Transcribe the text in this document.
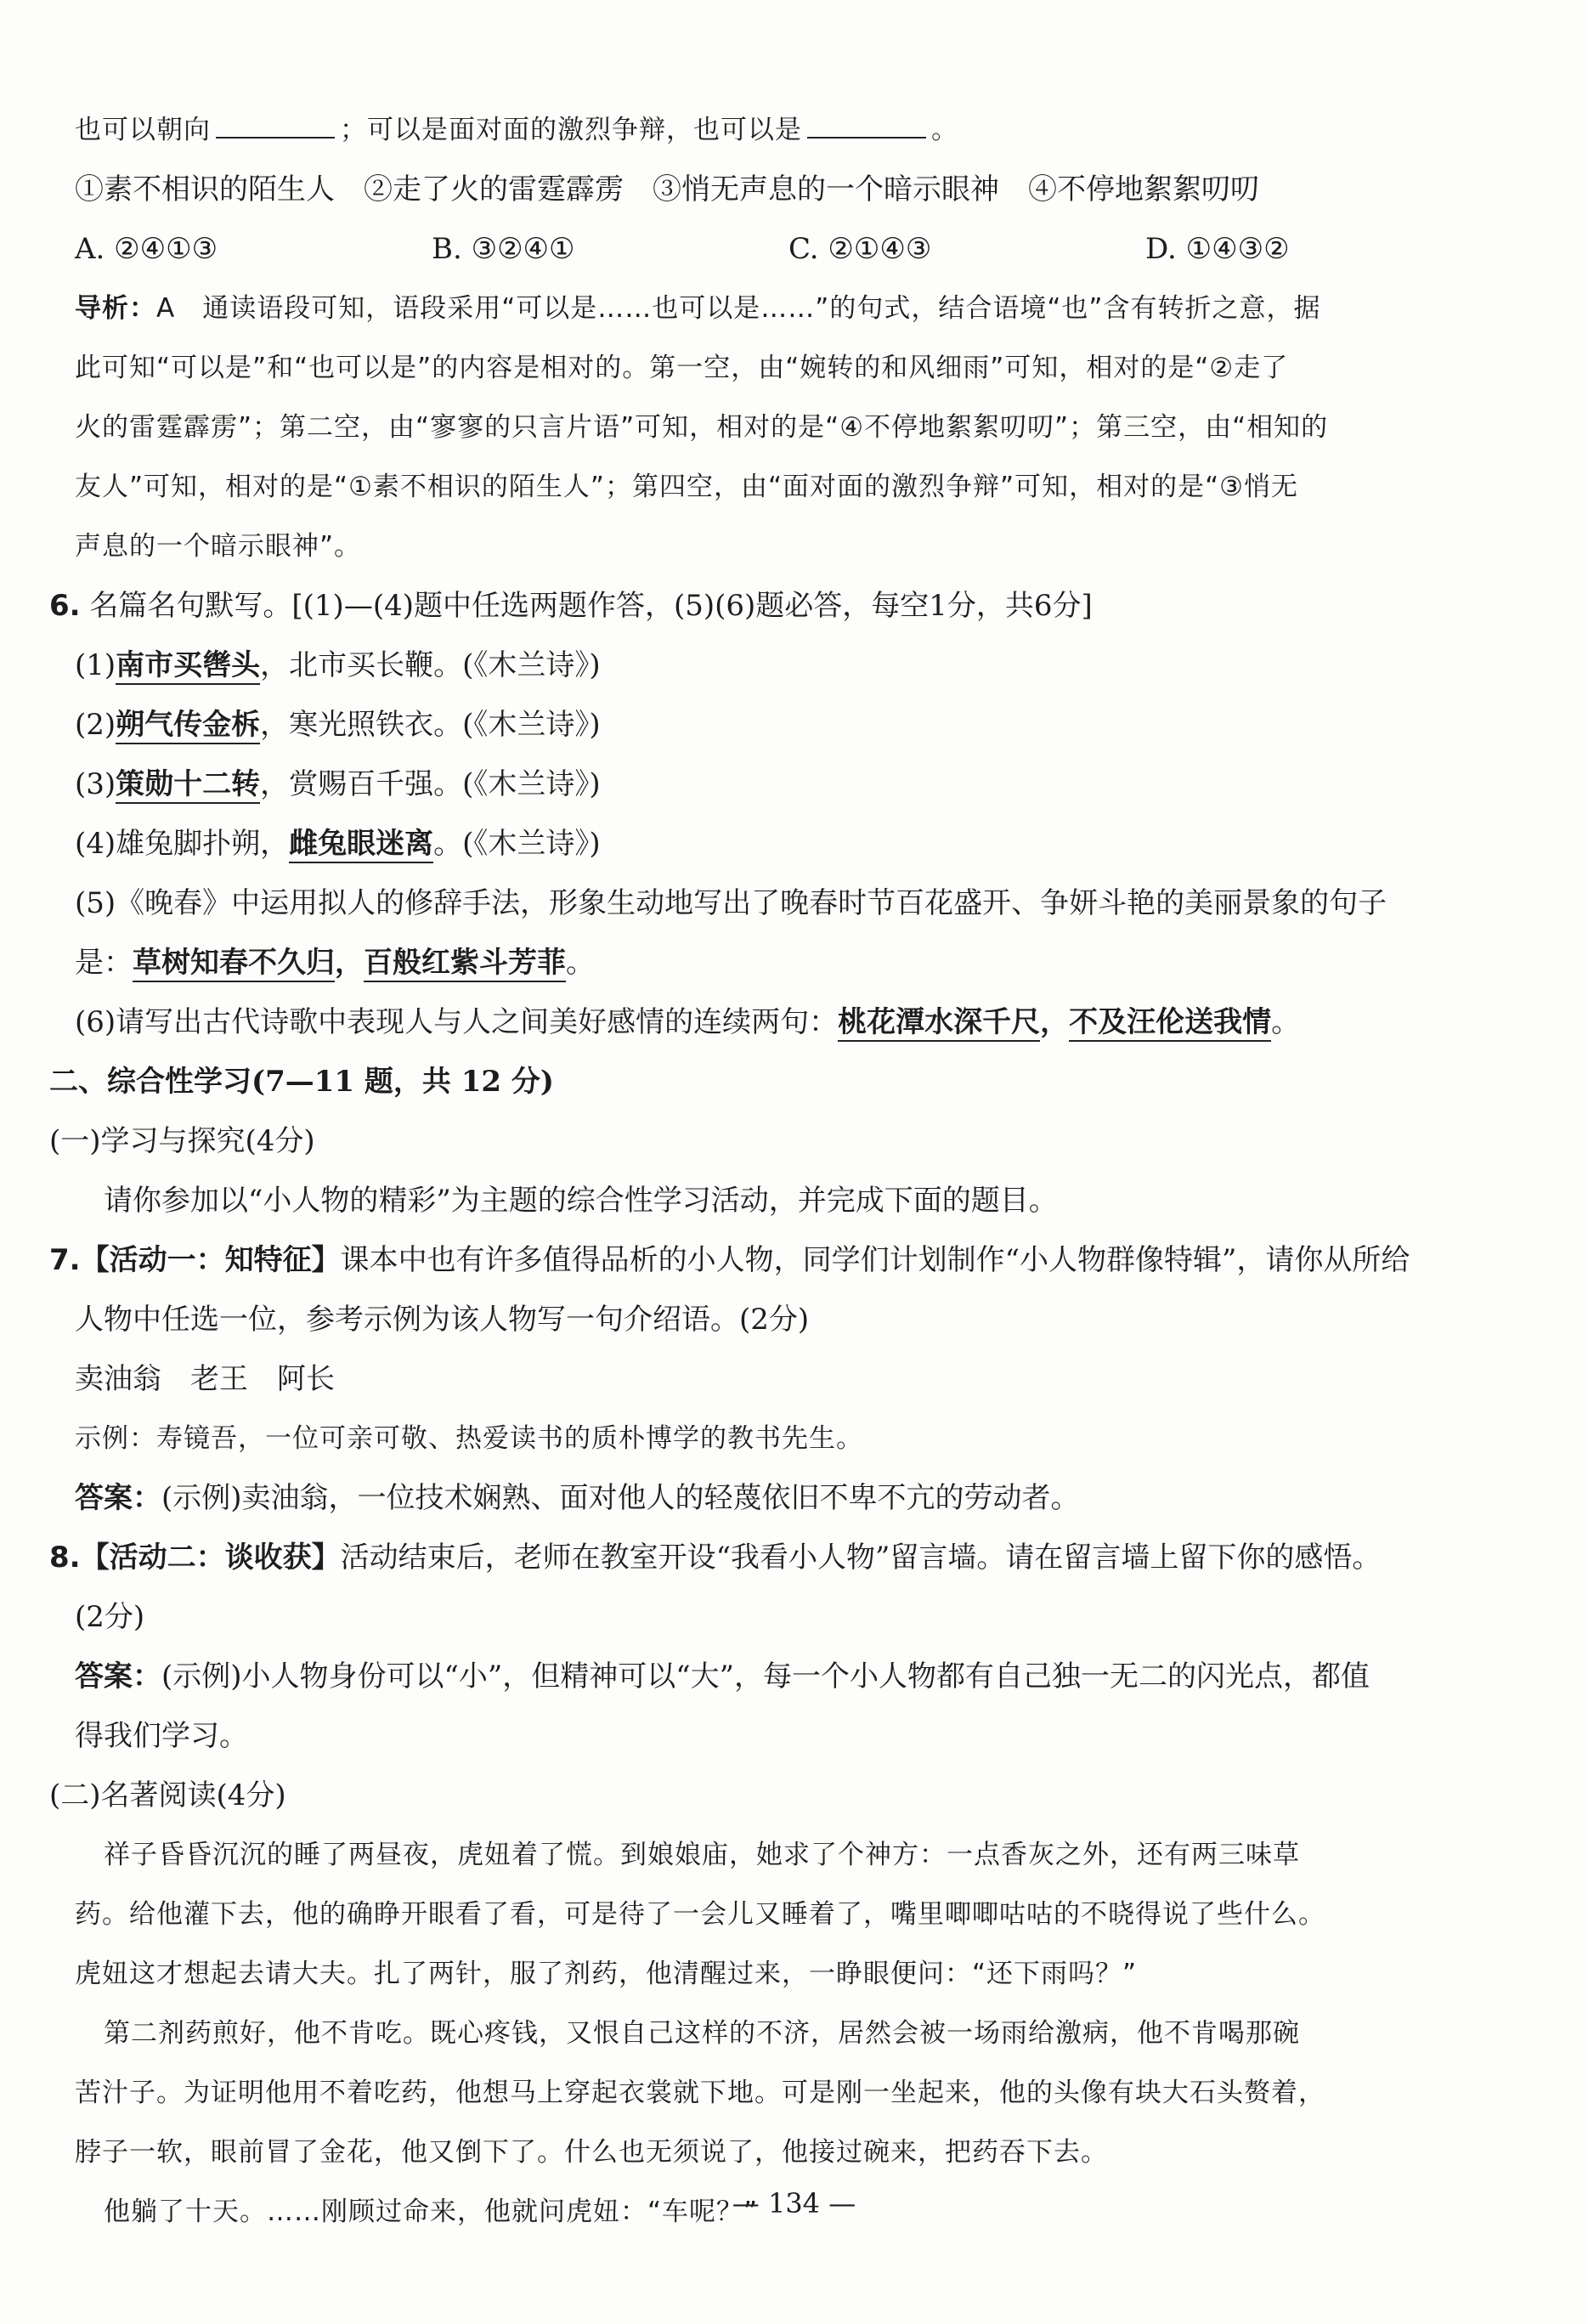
也可以朝向	；可以是面对面的激烈争辩，也可以是	。
①素不相识的陌生人　②走了火的雷霆霹雳　③悄无声息的一个暗示眼神　④不停地絮絮叨叨
A. ②④①③	B. ③②④①	C. ②①④③	D. ①④③②
导析：A　通读语段可知，语段采用“可以是……也可以是……”的句式，结合语境“也”含有转折之意，据
此可知“可以是”和“也可以是”的内容是相对的。第一空，由“婉转的和风细雨”可知，相对的是“②走了
火的雷霆霹雳”；第二空，由“寥寥的只言片语”可知，相对的是“④不停地絮絮叨叨”；第三空，由“相知的
友人”可知，相对的是“①素不相识的陌生人”；第四空，由“面对面的激烈争辩”可知，相对的是“③悄无
声息的一个暗示眼神”。
6. 名篇名句默写。[(1)—(4)题中任选两题作答，(5)(6)题必答，每空1分，共6分]
(1)南市买辔头，北市买长鞭。(《木兰诗》)
(2)朔气传金柝，寒光照铁衣。(《木兰诗》)
(3)策勋十二转，赏赐百千强。(《木兰诗》)
(4)雄兔脚扑朔，雌兔眼迷离。(《木兰诗》)
(5)《晚春》中运用拟人的修辞手法，形象生动地写出了晚春时节百花盛开、争妍斗艳的美丽景象的句子
是：草树知春不久归，百般红紫斗芳菲。
(6)请写出古代诗歌中表现人与人之间美好感情的连续两句：桃花潭水深千尺，不及汪伦送我情。
二、综合性学习(7—11 题，共 12 分)
(一)学习与探究(4分)
请你参加以“小人物的精彩”为主题的综合性学习活动，并完成下面的题目。
7.【活动一：知特征】课本中也有许多值得品析的小人物，同学们计划制作“小人物群像特辑”，请你从所给
人物中任选一位，参考示例为该人物写一句介绍语。(2分)
卖油翁　老王　阿长
示例：寿镜吾，一位可亲可敬、热爱读书的质朴博学的教书先生。
答案：(示例)卖油翁，一位技术娴熟、面对他人的轻蔑依旧不卑不亢的劳动者。
8.【活动二：谈收获】活动结束后，老师在教室开设“我看小人物”留言墙。请在留言墙上留下你的感悟。
(2分)
答案：(示例)小人物身份可以“小”，但精神可以“大”，每一个小人物都有自己独一无二的闪光点，都值
得我们学习。
(二)名著阅读(4分)
祥子昏昏沉沉的睡了两昼夜，虎妞着了慌。到娘娘庙，她求了个神方：一点香灰之外，还有两三味草
药。给他灌下去，他的确睁开眼看了看，可是待了一会儿又睡着了，嘴里唧唧咕咕的不晓得说了些什么。
虎妞这才想起去请大夫。扎了两针，服了剂药，他清醒过来，一睁眼便问：“还下雨吗？”
第二剂药煎好，他不肯吃。既心疼钱，又恨自己这样的不济，居然会被一场雨给激病，他不肯喝那碗
苦汁子。为证明他用不着吃药，他想马上穿起衣裳就下地。可是刚一坐起来，他的头像有块大石头赘着，
脖子一软，眼前冒了金花，他又倒下了。什么也无须说了，他接过碗来，把药吞下去。
他躺了十天。……刚顾过命来，他就问虎妞：“车呢？”
— 134 —
